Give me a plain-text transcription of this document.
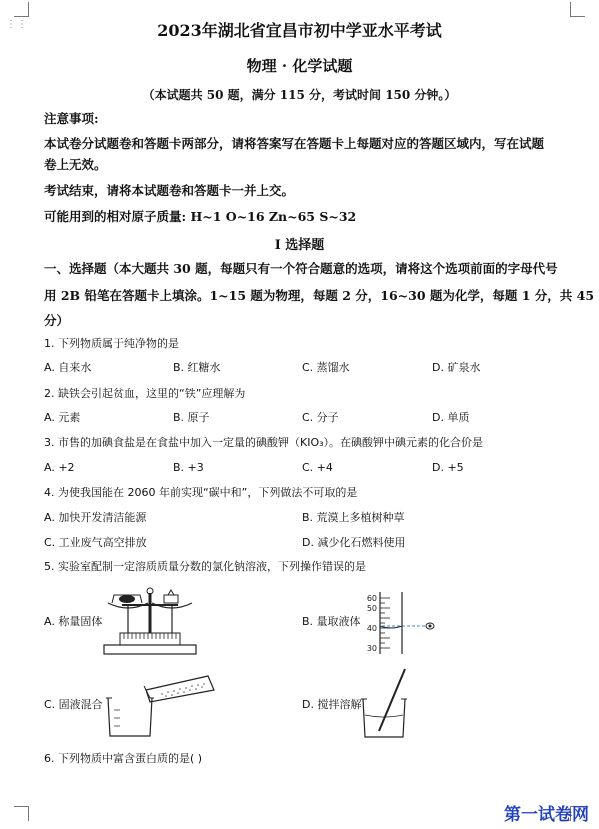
⋮⋮	2023年湖北省宜昌市初中学亚水平考试
物理 · 化学试题
（本试题共 50 题，满分 115 分，考试时间 150 分钟。）
注意事项:
本试卷分试题卷和答题卡两部分，请将答案写在答题卡上每题对应的答题区域内，写在试题
卷上无效。
考试结束，请将本试题卷和答题卡一并上交。
可能用到的相对原子质量: H~1 O~16 Zn~65 S~32
I 选择题
一、选择题（本大题共 30 题，每题只有一个符合题意的选项，请将这个选项前面的字母代号
用 2B 铅笔在答题卡上填涂。1~15 题为物理，每题 2 分，16~30 题为化学，每题 1 分，共 45
分）
1. 下列物质属于纯净物的是
A. 自来水	B. 红糖水	C. 蒸馏水	D. 矿泉水
2. 缺铁会引起贫血，这里的“铁”应理解为
A. 元素	B. 原子	C. 分子	D. 单质
3. 市售的加碘食盐是在食盐中加入一定量的碘酸钾（KIO₃）。在碘酸钾中碘元素的化合价是
A. +2	B. +3	C. +4	D. +5
4. 为使我国能在 2060 年前实现“碳中和”，下列做法不可取的是
A. 加快开发清洁能源	B. 荒漠上多植树种草
C. 工业废气高空排放	D. 减少化石燃料使用
5. 实验室配制一定溶质质量分数的氯化钠溶液，下列操作错误的是
A. 称量固体
60
50
40
30
B. 量取液体
C. 固液混合	D. 搅拌溶解
6. 下列物质中富含蛋白质的是( )
第一试卷网
